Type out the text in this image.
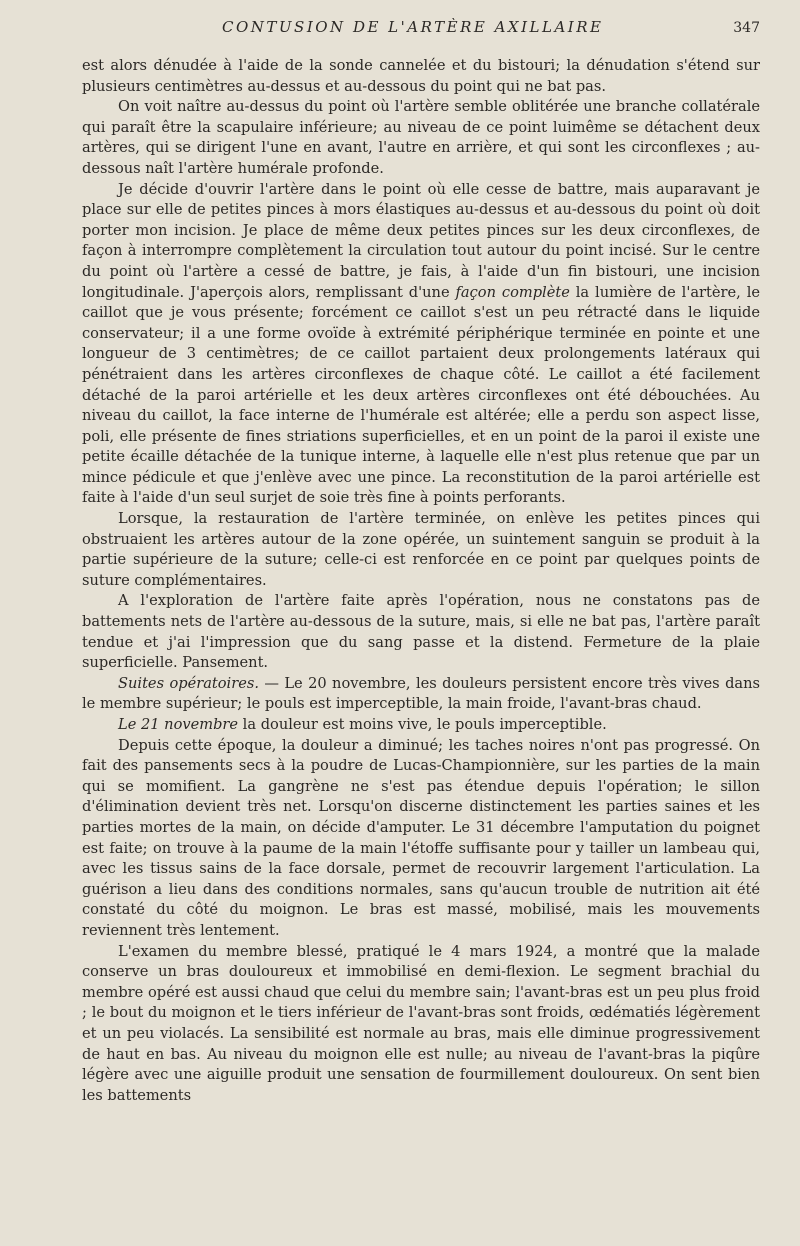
CONTUSION DE L'ARTÈRE AXILLAIRE	347

est alors dénudée à l'aide de la sonde cannelée et du bistouri; la dénudation s'étend sur plusieurs centimètres au-dessus et au-dessous du point qui ne bat pas.

On voit naître au-dessus du point où l'artère semble oblitérée une branche collatérale qui paraît être la scapulaire inférieure; au niveau de ce point luimême se détachent deux artères, qui se dirigent l'une en avant, l'autre en arrière, et qui sont les circonflexes ; au-dessous naît l'artère humérale profonde.

Je décide d'ouvrir l'artère dans le point où elle cesse de battre, mais auparavant je place sur elle de petites pinces à mors élastiques au-dessus et au-dessous du point où doit porter mon incision. Je place de même deux petites pinces sur les deux circonflexes, de façon à interrompre complètement la circulation tout autour du point incisé. Sur le centre du point où l'artère a cessé de battre, je fais, à l'aide d'un fin bistouri, une incision longitudinale. J'aperçois alors, remplissant d'une façon complète la lumière de l'artère, le caillot que je vous présente; forcément ce caillot s'est un peu rétracté dans le liquide conservateur; il a une forme ovoïde à extrémité périphérique terminée en pointe et une longueur de 3 centimètres; de ce caillot partaient deux prolongements latéraux qui pénétraient dans les artères circonflexes de chaque côté. Le caillot a été facilement détaché de la paroi artérielle et les deux artères circonflexes ont été débouchées. Au niveau du caillot, la face interne de l'humérale est altérée; elle a perdu son aspect lisse, poli, elle présente de fines striations superficielles, et en un point de la paroi il existe une petite écaille détachée de la tunique interne, à laquelle elle n'est plus retenue que par un mince pédicule et que j'enlève avec une pince. La reconstitution de la paroi artérielle est faite à l'aide d'un seul surjet de soie très fine à points perforants.

Lorsque, la restauration de l'artère terminée, on enlève les petites pinces qui obstruaient les artères autour de la zone opérée, un suintement sanguin se produit à la partie supérieure de la suture; celle-ci est renforcée en ce point par quelques points de suture complémentaires.

A l'exploration de l'artère faite après l'opération, nous ne constatons pas de battements nets de l'artère au-dessous de la suture, mais, si elle ne bat pas, l'artère paraît tendue et j'ai l'impression que du sang passe et la distend. Fermeture de la plaie superficielle. Pansement.

Suites opératoires. — Le 20 novembre, les douleurs persistent encore très vives dans le membre supérieur; le pouls est imperceptible, la main froide, l'avant-bras chaud.

Le 21 novembre la douleur est moins vive, le pouls imperceptible.

Depuis cette époque, la douleur a diminué; les taches noires n'ont pas progressé. On fait des pansements secs à la poudre de Lucas-Championnière, sur les parties de la main qui se momifient. La gangrène ne s'est pas étendue depuis l'opération; le sillon d'élimination devient très net. Lorsqu'on discerne distinctement les parties saines et les parties mortes de la main, on décide d'amputer. Le 31 décembre l'amputation du poignet est faite; on trouve à la paume de la main l'étoffe suffisante pour y tailler un lambeau qui, avec les tissus sains de la face dorsale, permet de recouvrir largement l'articulation. La guérison a lieu dans des conditions normales, sans qu'aucun trouble de nutrition ait été constaté du côté du moignon. Le bras est massé, mobilisé, mais les mouvements reviennent très lentement.

L'examen du membre blessé, pratiqué le 4 mars 1924, a montré que la malade conserve un bras douloureux et immobilisé en demi-flexion. Le segment brachial du membre opéré est aussi chaud que celui du membre sain; l'avant-bras est un peu plus froid ; le bout du moignon et le tiers inférieur de l'avant-bras sont froids, œdématiés légèrement et un peu violacés. La sensibilité est normale au bras, mais elle diminue progressivement de haut en bas. Au niveau du moignon elle est nulle; au niveau de l'avant-bras la piqûre légère avec une aiguille produit une sensation de fourmillement douloureux. On sent bien les battements
